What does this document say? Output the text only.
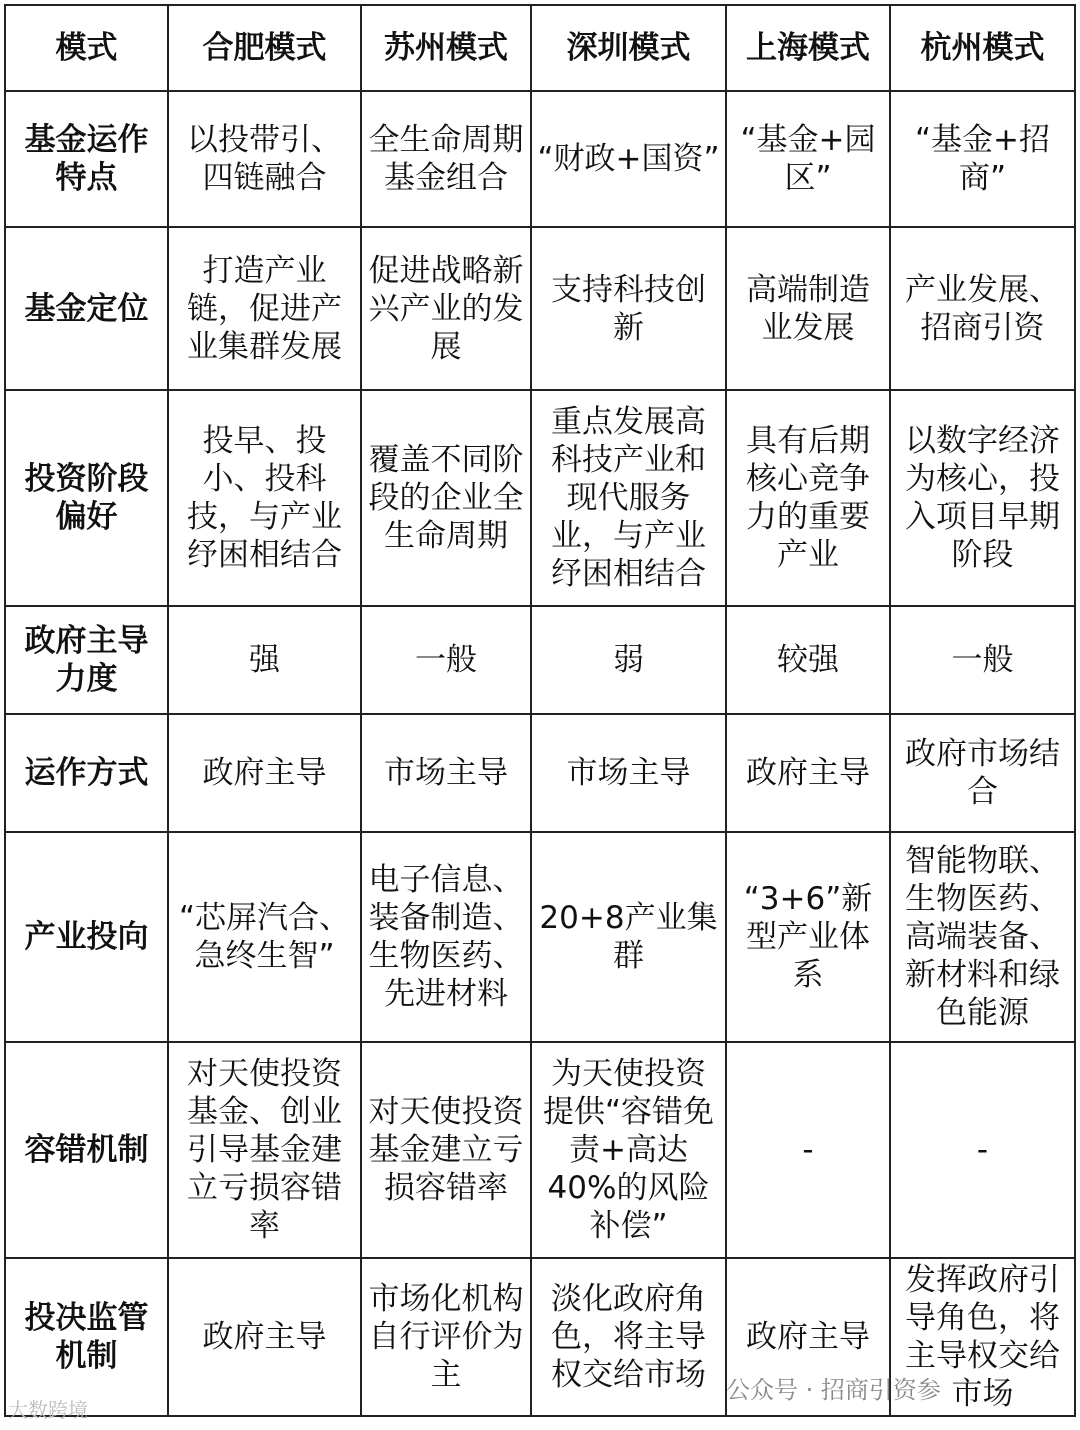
模式	合肥模式	苏州模式	深圳模式	上海模式	杭州模式
基金运作特点	以投带引、四链融合	全生命周期基金组合	“财政+国资”	“基金+园区”	“基金+招商”
基金定位	打造产业链，促进产业集群发展	促进战略新兴产业的发展	支持科技创新	高端制造业发展	产业发展、招商引资
投资阶段偏好	投早、投小、投科技，与产业纾困相结合	覆盖不同阶段的企业全生命周期	重点发展高科技产业和现代服务业，与产业纾困相结合	具有后期核心竞争力的重要产业	以数字经济为核心，投入项目早期阶段
政府主导力度	强	一般	弱	较强	一般
运作方式	政府主导	市场主导	市场主导	政府主导	政府市场结合
产业投向	“芯屏汽合、急终生智”	电子信息、装备制造、生物医药、先进材料	20+8产业集群	“3+6”新型产业体系	智能物联、生物医药、高端装备、新材料和绿色能源
容错机制	对天使投资基金、创业引导基金建立亏损容错率	对天使投资基金建立亏损容错率	为天使投资提供“容错免责+高达40%的风险补偿”	-	-
投决监管机制	政府主导	市场化机构自行评价为主	淡化政府角色，将主导权交给市场	政府主导	发挥政府引导角色，将主导权交给市场
大数跨境
公众号 · 招商引资参
